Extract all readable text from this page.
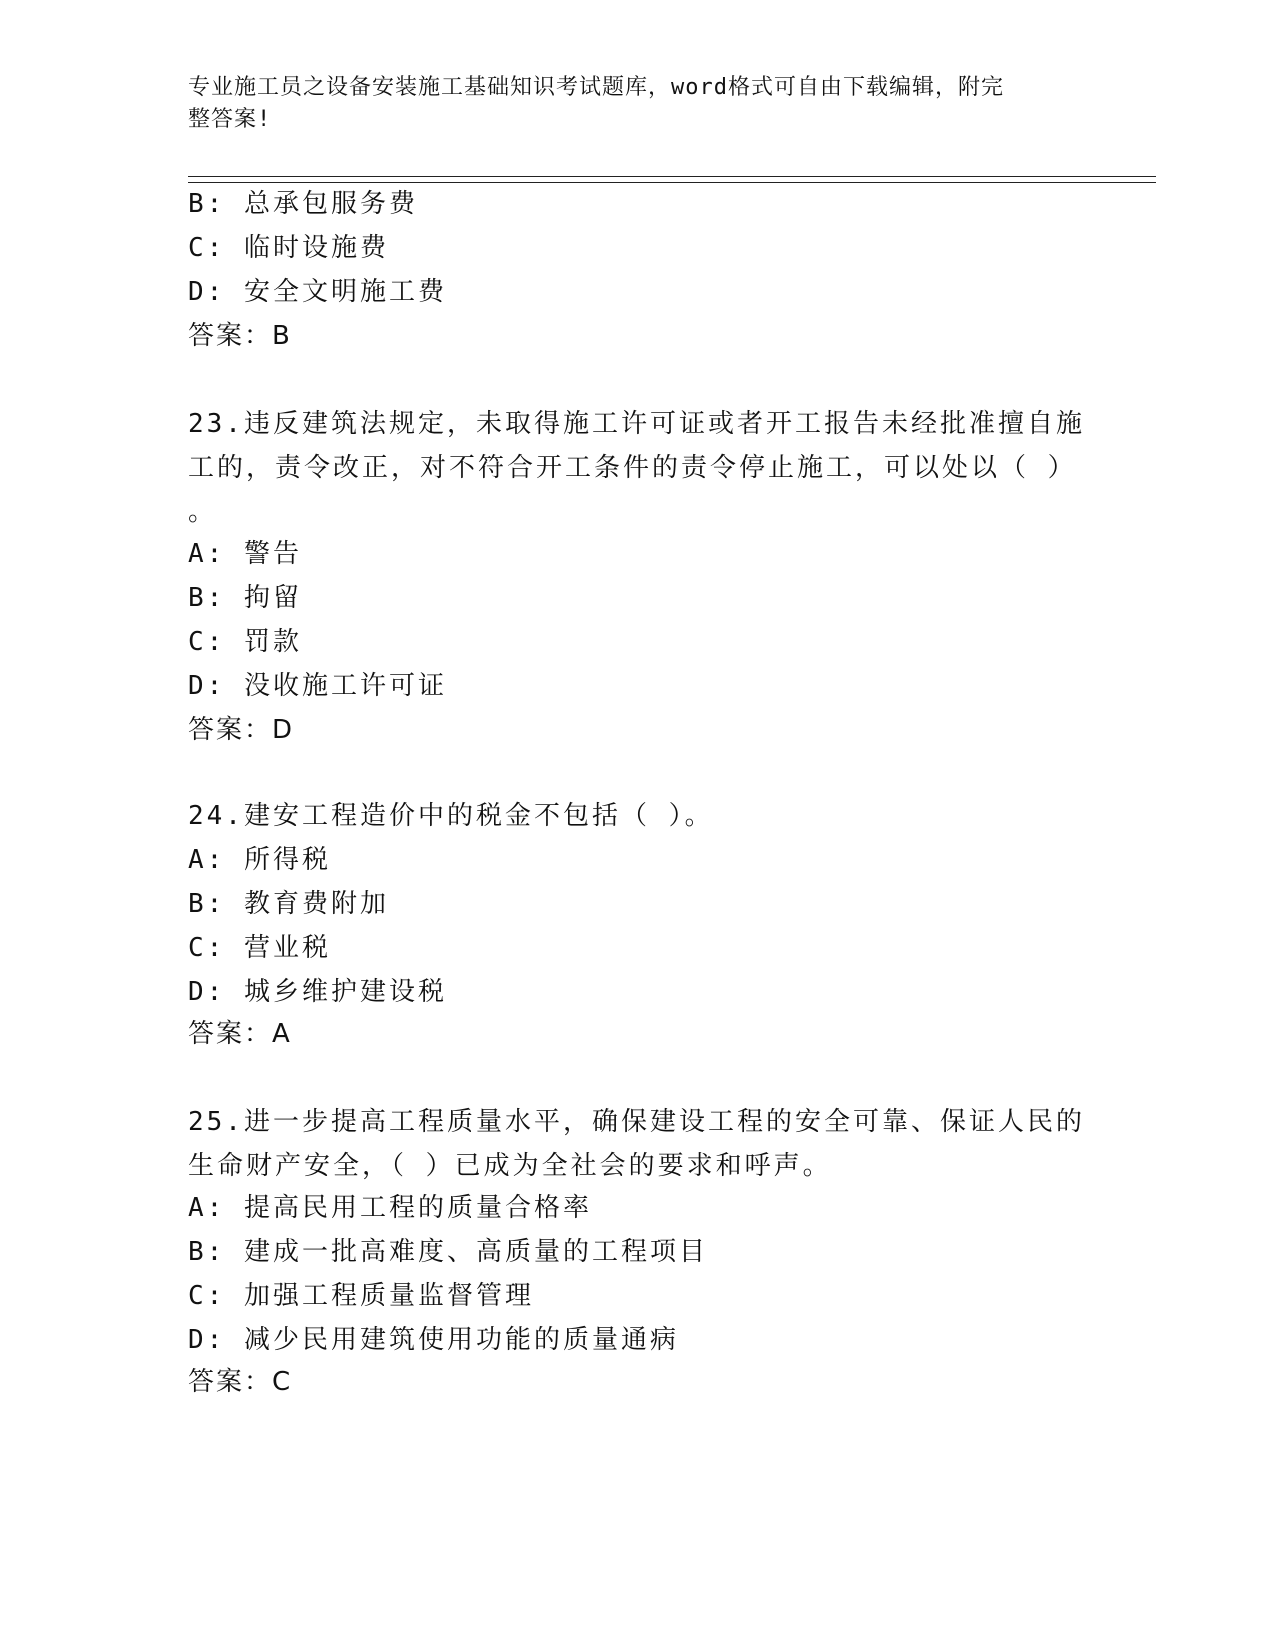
专业施工员之设备安装施工基础知识考试题库，word格式可自由下载编辑，附完
整答案!
B: 总承包服务费
C: 临时设施费
D: 安全文明施工费
答案：B
23.违反建筑法规定，未取得施工许可证或者开工报告未经批准擅自施
工的，责令改正，对不符合开工条件的责令停止施工，可以处以（ ）
。
A: 警告
B: 拘留
C: 罚款
D: 没收施工许可证
答案：D
24.建安工程造价中的税金不包括（ ）。
A: 所得税
B: 教育费附加
C: 营业税
D: 城乡维护建设税
答案：A
25.进一步提高工程质量水平，确保建设工程的安全可靠、保证人民的
生命财产安全，（ ）已成为全社会的要求和呼声。
A: 提高民用工程的质量合格率
B: 建成一批高难度、高质量的工程项目
C: 加强工程质量监督管理
D: 减少民用建筑使用功能的质量通病
答案：C
